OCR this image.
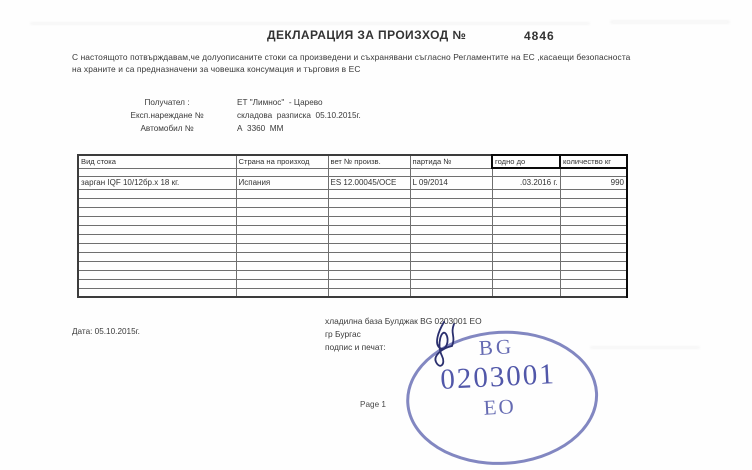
ДЕКЛАРАЦИЯ ЗА ПРОИЗХОД №	4846
С настоящото потвърждавам,че долуописаните стоки са произведени и съхранявани съгласно Регламентите на ЕС ,касаещи безопасноста
на храните и са предназначени за човешка консумация и търговия в ЕС
Получател :	ЕТ "Лимнос"  - Царево
Експ.нареждане №	складова  разписка  05.10.2015г.
Автомобил №	А  3360  ММ
Вид стока	Страна на произход	вет № произв.	партида №	годно до	количество кг

зарган IQF 10/12бр.х 18 кг.	Испания	ES 12.00045/OCE	L 09/2014	.03.2016 г.	990

Дата: 05.10.2015г.
хладилна база Булджак BG 0203001 ЕО
гр Бургас
подпис и печат:
Page 1
BG
0203001
ЕО
